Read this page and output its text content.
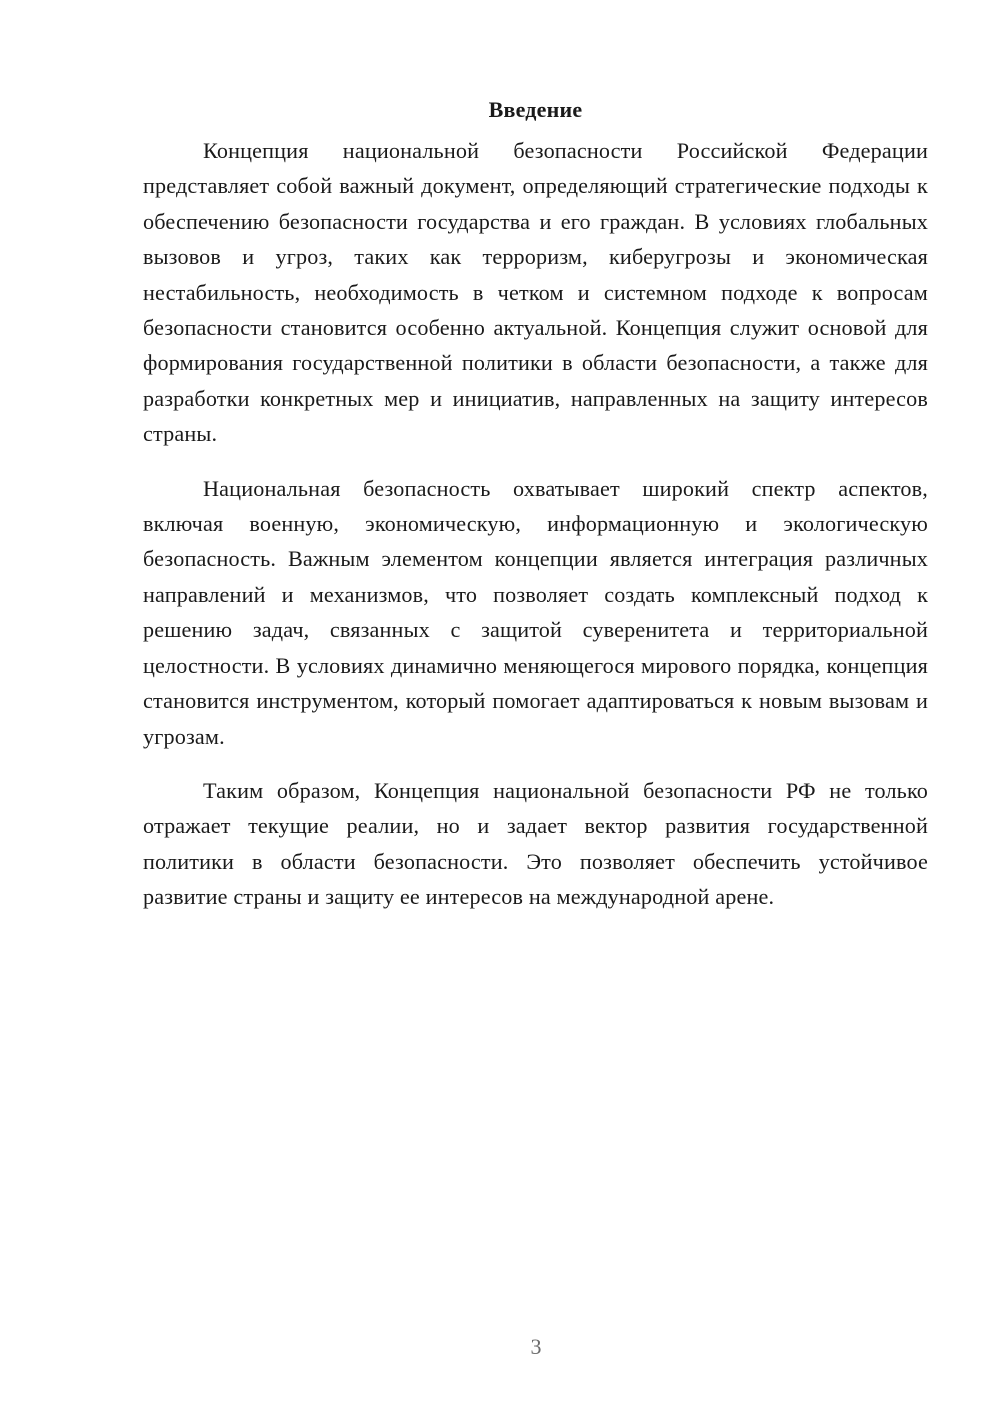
Введение

Концепция национальной безопасности Российской Федерации представляет собой важный документ, определяющий стратегические подходы к обеспечению безопасности государства и его граждан. В условиях глобальных вызовов и угроз, таких как терроризм, киберугрозы и экономическая нестабильность, необходимость в четком и системном подходе к вопросам безопасности становится особенно актуальной. Концепция служит основой для формирования государственной политики в области безопасности, а также для разработки конкретных мер и инициатив, направленных на защиту интересов страны.

Национальная безопасность охватывает широкий спектр аспектов, включая военную, экономическую, информационную и экологическую безопасность. Важным элементом концепции является интеграция различных направлений и механизмов, что позволяет создать комплексный подход к решению задач, связанных с защитой суверенитета и территориальной целостности. В условиях динамично меняющегося мирового порядка, концепция становится инструментом, который помогает адаптироваться к новым вызовам и угрозам.

Таким образом, Концепция национальной безопасности РФ не только отражает текущие реалии, но и задает вектор развития государственной политики в области безопасности. Это позволяет обеспечить устойчивое развитие страны и защиту ее интересов на международной арене.

3
